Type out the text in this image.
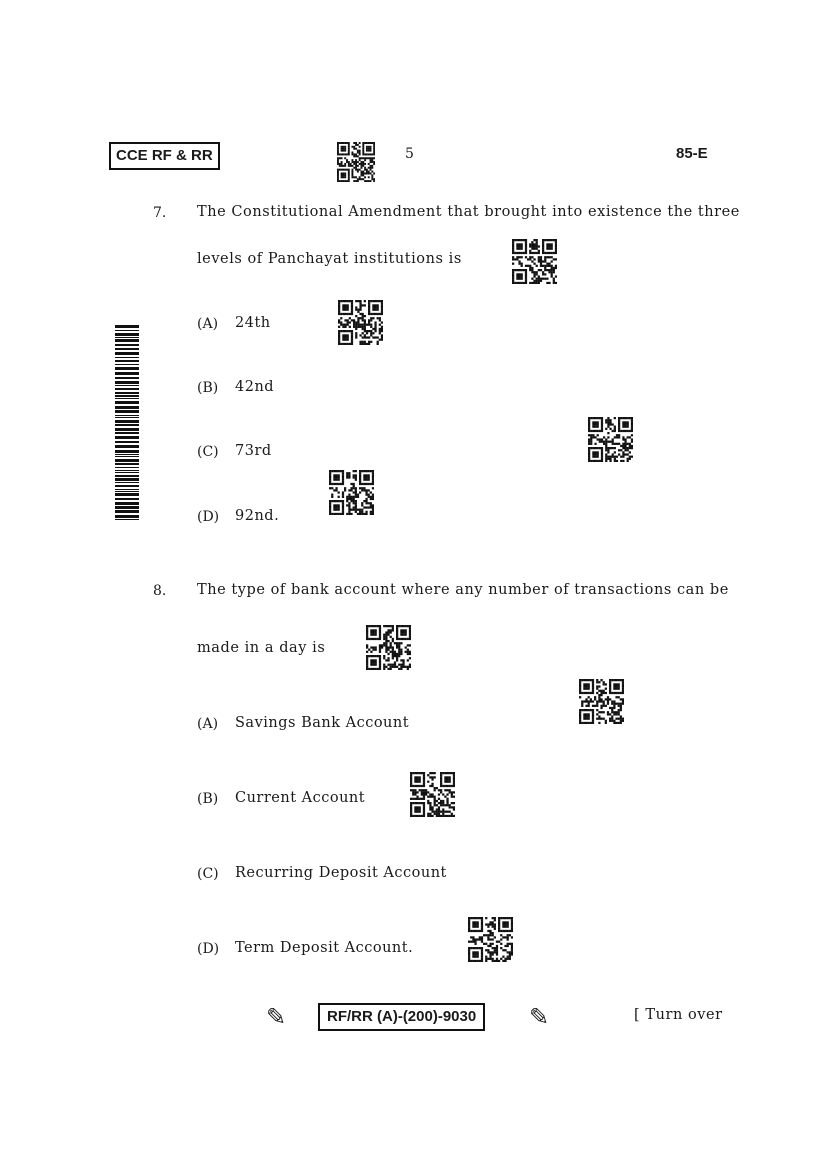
CCE RF & RR	5	85-E
7. The Constitutional Amendment that brought into existence the three
levels of Panchayat institutions is
(A) 24th
(B) 42nd
(C) 73rd
(D) 92nd.
8. The type of bank account where any number of transactions can be
made in a day is
(A) Savings Bank Account
(B) Current Account
(C) Recurring Deposit Account
(D) Term Deposit Account.
✎	RF/RR (A)-(200)-9030	✎	[ Turn over
